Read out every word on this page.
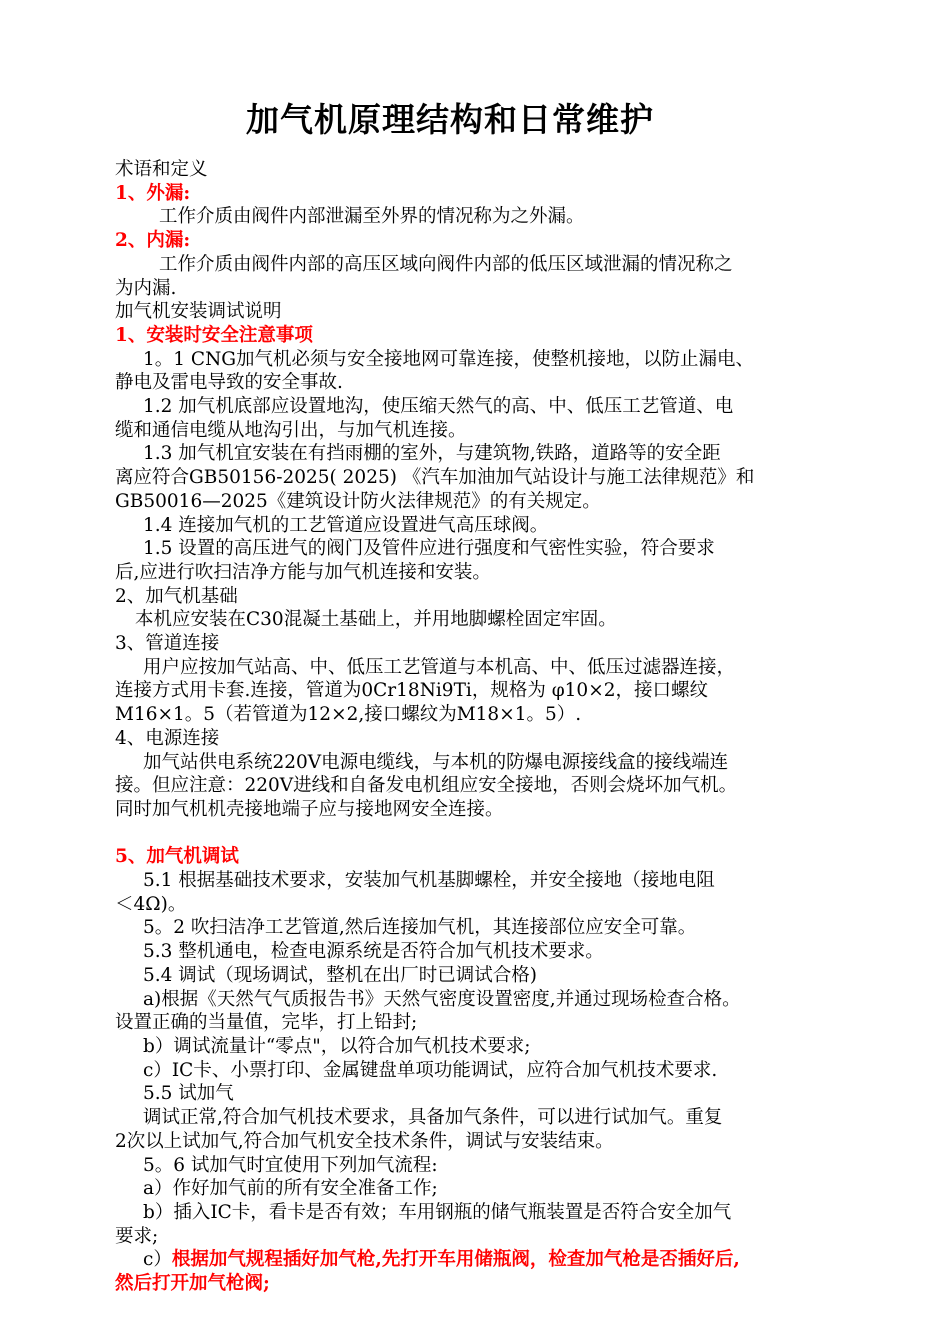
加气机原理结构和日常维护

术语和定义

1、外漏:

工作介质由阀件内部泄漏至外界的情况称为之外漏。

2、内漏:

工作介质由阀件内部的高压区域向阀件内部的低压区域泄漏的情况称之

为内漏.

加气机安装调试说明

1、安装时安全注意事项

1。1 CNG加气机必须与安全接地网可靠连接，使整机接地，以防止漏电、

静电及雷电导致的安全事故.

1.2 加气机底部应设置地沟，使压缩天然气的高、中、低压工艺管道、电

缆和通信电缆从地沟引出，与加气机连接。

1.3 加气机宜安装在有挡雨棚的室外，与建筑物,铁路，道路等的安全距

离应符合GB50156-2025( 2025) 《汽车加油加气站设计与施工法律规范》和

GB50016—2025《建筑设计防火法律规范》的有关规定。

1.4 连接加气机的工艺管道应设置进气高压球阀。

1.5 设置的高压进气的阀门及管件应进行强度和气密性实验，符合要求

后,应进行吹扫洁净方能与加气机连接和安装。

2、加气机基础

本机应安装在C30混凝土基础上，并用地脚螺栓固定牢固。

3、管道连接

用户应按加气站高、中、低压工艺管道与本机高、中、低压过滤器连接，

连接方式用卡套.连接，管道为0Cr18Ni9Ti，规格为 φ10×2，接口螺纹

M16×1。5（若管道为12×2,接口螺纹为M18×1。5）.

4、电源连接

加气站供电系统220V电源电缆线，与本机的防爆电源接线盒的接线端连

接。但应注意：220V进线和自备发电机组应安全接地，否则会烧坏加气机。

同时加气机机壳接地端子应与接地网安全连接。

5、加气机调试

5.1 根据基础技术要求，安装加气机基脚螺栓，并安全接地（接地电阻

＜4Ω)。

5。2 吹扫洁净工艺管道,然后连接加气机，其连接部位应安全可靠。

5.3 整机通电，检查电源系统是否符合加气机技术要求。

5.4 调试（现场调试，整机在出厂时已调试合格)

a)根据《天然气气质报告书》天然气密度设置密度,并通过现场检查合格。

设置正确的当量值，完毕，打上铅封;

b）调试流量计“零点"，以符合加气机技术要求;

c）IC卡、小票打印、金属键盘单项功能调试，应符合加气机技术要求.

5.5 试加气

调试正常,符合加气机技术要求，具备加气条件，可以进行试加气。重复

2次以上试加气,符合加气机安全技术条件，调试与安装结束。

5。6 试加气时宜使用下列加气流程:

a）作好加气前的所有安全准备工作;

b）插入IC卡，看卡是否有效；车用钢瓶的储气瓶装置是否符合安全加气

要求;

c）根据加气规程插好加气枪,先打开车用储瓶阀，检查加气枪是否插好后,

然后打开加气枪阀;
